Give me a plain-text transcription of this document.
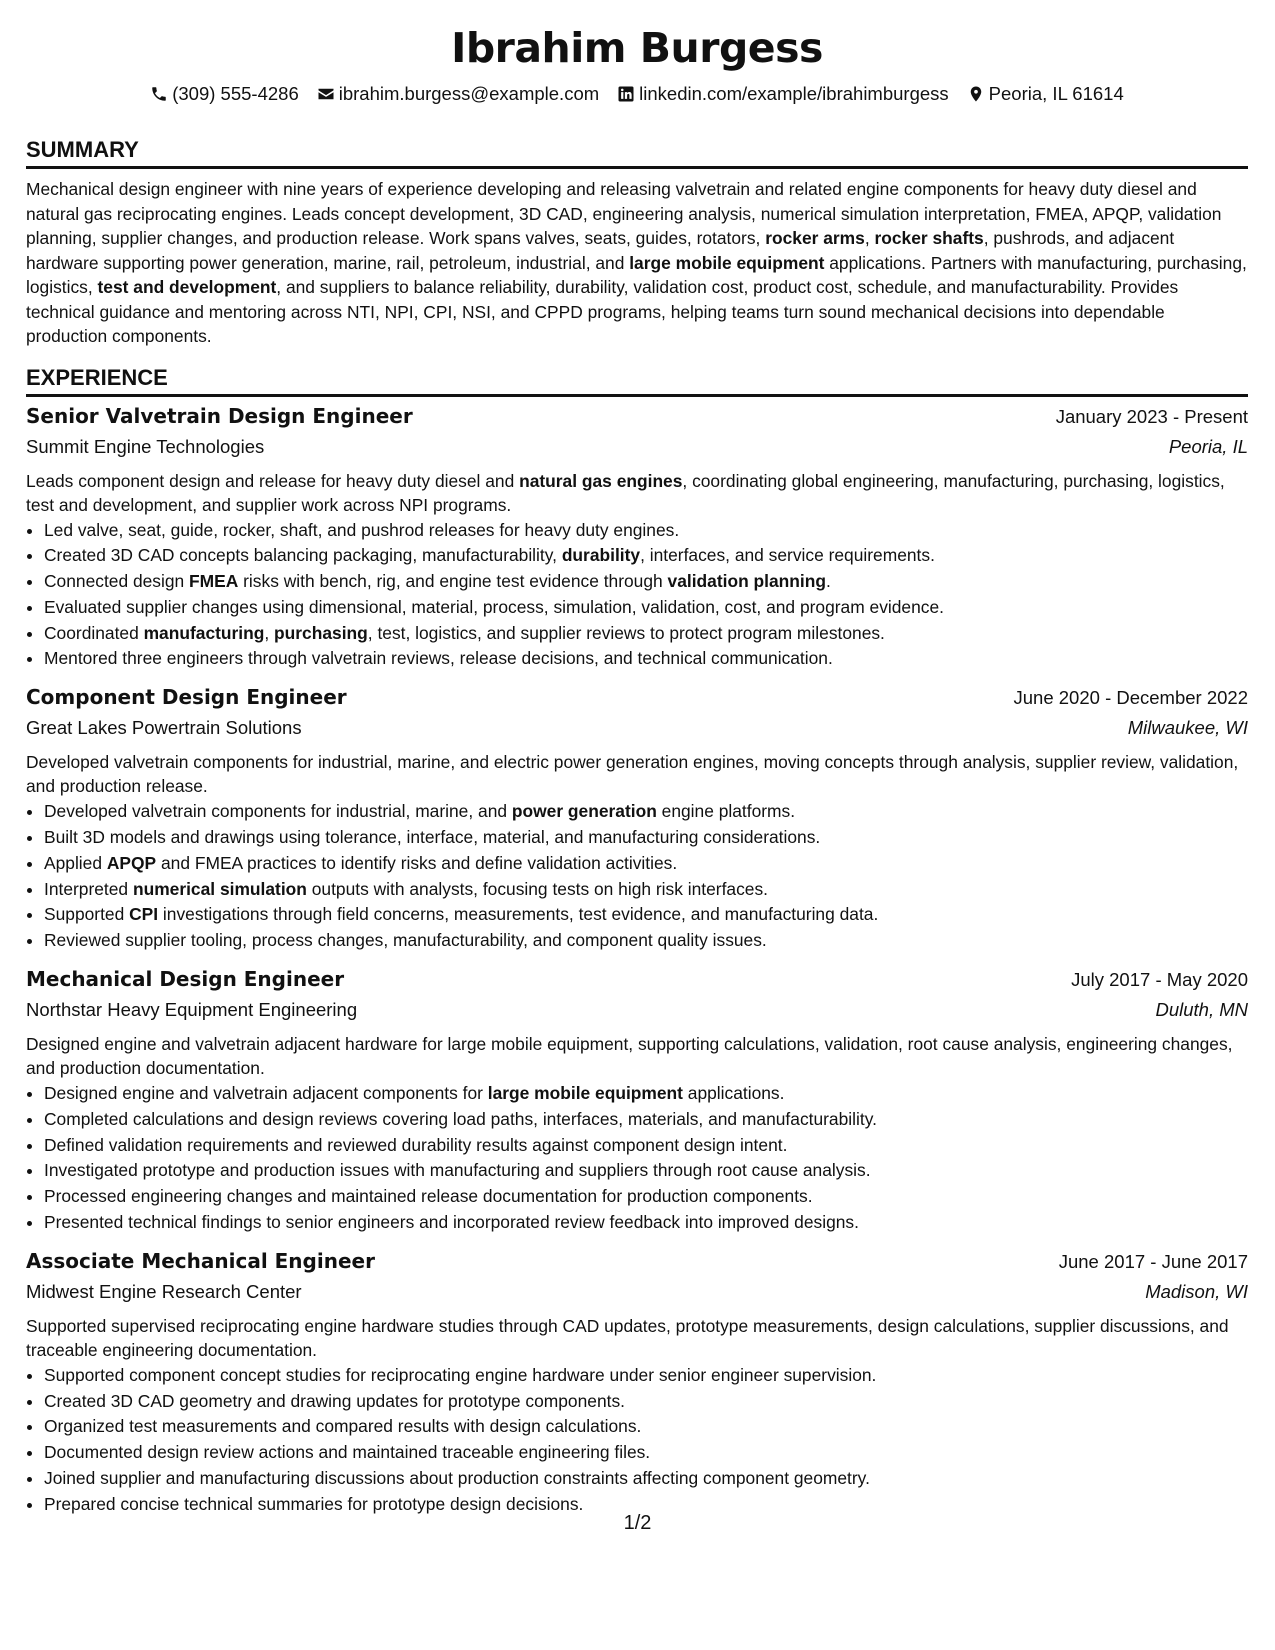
Ibrahim Burgess
(309) 555-4286 ibrahim.burgess@example.com linkedin.com/example/ibrahimburgess Peoria, IL 61614
SUMMARY
Mechanical design engineer with nine years of experience developing and releasing valvetrain and related engine components for heavy duty diesel and natural gas reciprocating engines. Leads concept development, 3D CAD, engineering analysis, numerical simulation interpretation, FMEA, APQP, validation planning, supplier changes, and production release. Work spans valves, seats, guides, rotators, rocker arms, rocker shafts, pushrods, and adjacent hardware supporting power generation, marine, rail, petroleum, industrial, and large mobile equipment applications. Partners with manufacturing, purchasing, logistics, test and development, and suppliers to balance reliability, durability, validation cost, product cost, schedule, and manufacturability. Provides technical guidance and mentoring across NTI, NPI, CPI, NSI, and CPPD programs, helping teams turn sound mechanical decisions into dependable production components.
EXPERIENCE
Senior Valvetrain Design Engineer	January 2023 - Present
Summit Engine Technologies	Peoria, IL
Leads component design and release for heavy duty diesel and natural gas engines, coordinating global engineering, manufacturing, purchasing, logistics, test and development, and supplier work across NPI programs.
• Led valve, seat, guide, rocker, shaft, and pushrod releases for heavy duty engines.
• Created 3D CAD concepts balancing packaging, manufacturability, durability, interfaces, and service requirements.
• Connected design FMEA risks with bench, rig, and engine test evidence through validation planning.
• Evaluated supplier changes using dimensional, material, process, simulation, validation, cost, and program evidence.
• Coordinated manufacturing, purchasing, test, logistics, and supplier reviews to protect program milestones.
• Mentored three engineers through valvetrain reviews, release decisions, and technical communication.
Component Design Engineer	June 2020 - December 2022
Great Lakes Powertrain Solutions	Milwaukee, WI
Developed valvetrain components for industrial, marine, and electric power generation engines, moving concepts through analysis, supplier review, validation, and production release.
• Developed valvetrain components for industrial, marine, and power generation engine platforms.
• Built 3D models and drawings using tolerance, interface, material, and manufacturing considerations.
• Applied APQP and FMEA practices to identify risks and define validation activities.
• Interpreted numerical simulation outputs with analysts, focusing tests on high risk interfaces.
• Supported CPI investigations through field concerns, measurements, test evidence, and manufacturing data.
• Reviewed supplier tooling, process changes, manufacturability, and component quality issues.
Mechanical Design Engineer	July 2017 - May 2020
Northstar Heavy Equipment Engineering	Duluth, MN
Designed engine and valvetrain adjacent hardware for large mobile equipment, supporting calculations, validation, root cause analysis, engineering changes, and production documentation.
• Designed engine and valvetrain adjacent components for large mobile equipment applications.
• Completed calculations and design reviews covering load paths, interfaces, materials, and manufacturability.
• Defined validation requirements and reviewed durability results against component design intent.
• Investigated prototype and production issues with manufacturing and suppliers through root cause analysis.
• Processed engineering changes and maintained release documentation for production components.
• Presented technical findings to senior engineers and incorporated review feedback into improved designs.
Associate Mechanical Engineer	June 2017 - June 2017
Midwest Engine Research Center	Madison, WI
Supported supervised reciprocating engine hardware studies through CAD updates, prototype measurements, design calculations, supplier discussions, and traceable engineering documentation.
• Supported component concept studies for reciprocating engine hardware under senior engineer supervision.
• Created 3D CAD geometry and drawing updates for prototype components.
• Organized test measurements and compared results with design calculations.
• Documented design review actions and maintained traceable engineering files.
• Joined supplier and manufacturing discussions about production constraints affecting component geometry.
• Prepared concise technical summaries for prototype design decisions.
1/2
